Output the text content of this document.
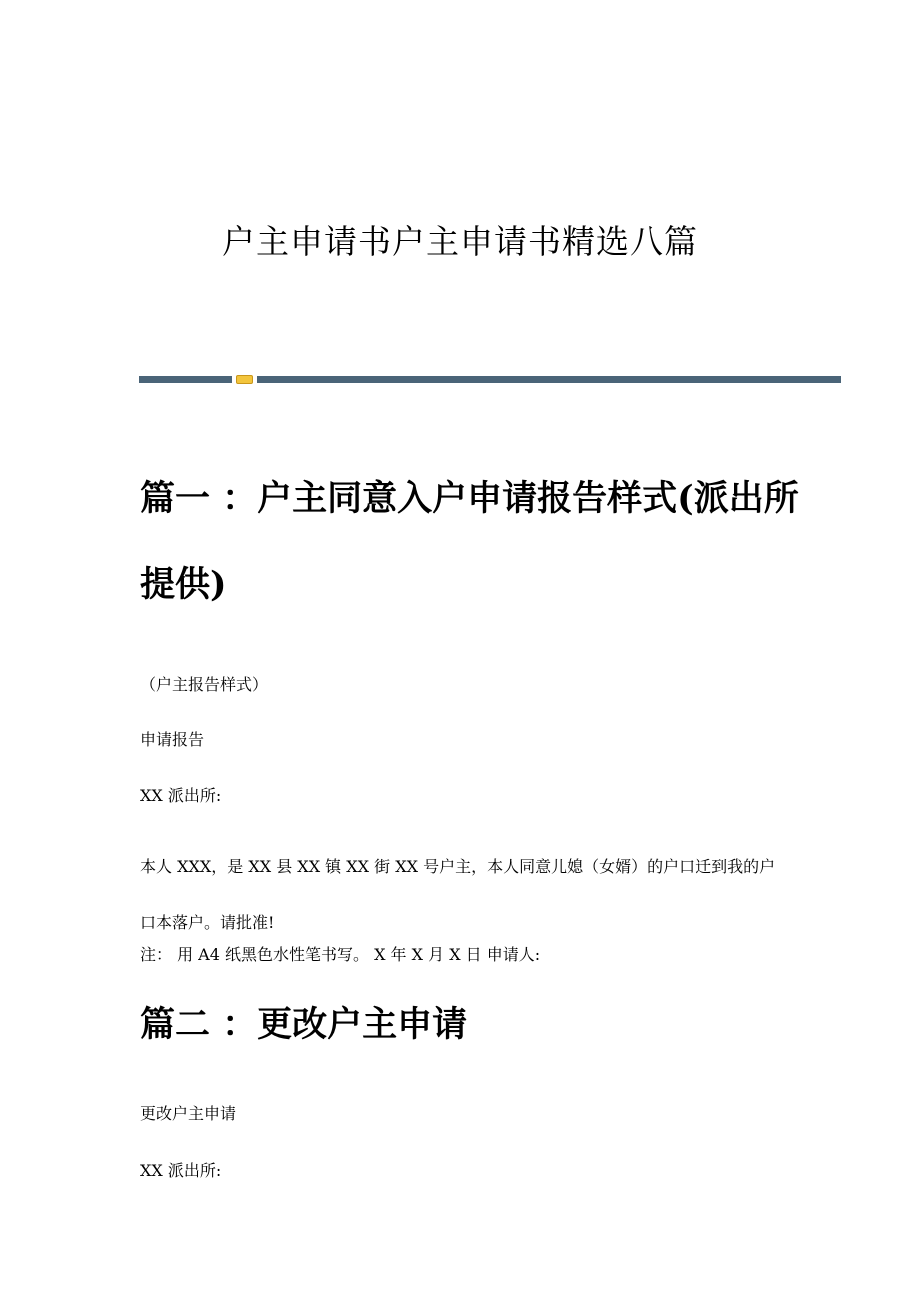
户主申请书户主申请书精选八篇
篇一 ：户主同意入户申请报告样式(派出所提供)

（户主报告样式）

申请报告

XX 派出所:

本人 XXX，是 XX 县 XX 镇 XX 街 XX 号户主，本人同意儿媳（女婿）的户口迁到我的户口本落户。请批准!

注： 用 A4 纸黑色水性笔书写。 X 年 X 月 X 日 申请人:

篇二 ：更改户主申请

更改户主申请

XX 派出所:
